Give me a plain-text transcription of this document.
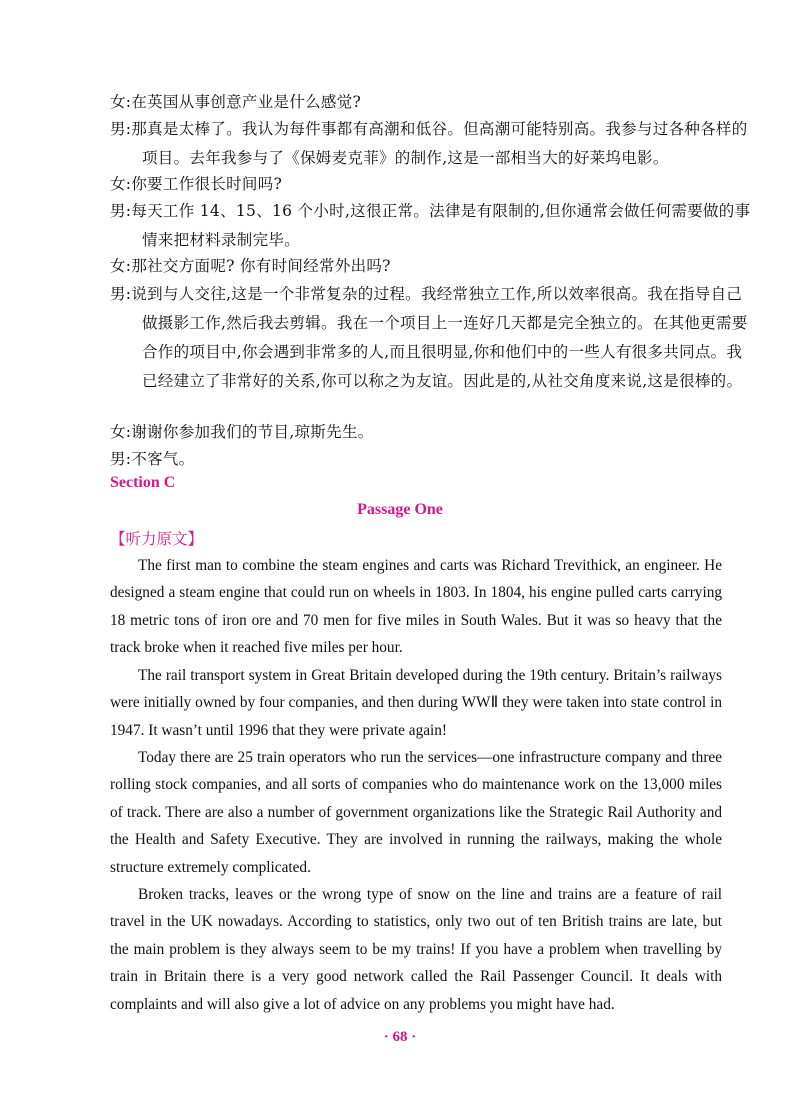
女:在英国从事创意产业是什么感觉?
男:那真是太棒了。我认为每件事都有高潮和低谷。但高潮可能特别高。我参与过各种各样的项目。去年我参与了《保姆麦克菲》的制作,这是一部相当大的好莱坞电影。
女:你要工作很长时间吗?
男:每天工作 14、15、16 个小时,这很正常。法律是有限制的,但你通常会做任何需要做的事情来把材料录制完毕。
女:那社交方面呢? 你有时间经常外出吗?
男:说到与人交往,这是一个非常复杂的过程。我经常独立工作,所以效率很高。我在指导自己做摄影工作,然后我去剪辑。我在一个项目上一连好几天都是完全独立的。在其他更需要合作的项目中,你会遇到非常多的人,而且很明显,你和他们中的一些人有很多共同点。我已经建立了非常好的关系,你可以称之为友谊。因此是的,从社交角度来说,这是很棒的。
女:谢谢你参加我们的节目,琼斯先生。
男:不客气。
Section C
Passage One
【听力原文】
The first man to combine the steam engines and carts was Richard Trevithick, an engineer. He designed a steam engine that could run on wheels in 1803. In 1804, his engine pulled carts carrying 18 metric tons of iron ore and 70 men for five miles in South Wales. But it was so heavy that the track broke when it reached five miles per hour.
The rail transport system in Great Britain developed during the 19th century. Britain’s railways were initially owned by four companies, and then during WWⅡ they were taken into state control in 1947. It wasn’t until 1996 that they were private again!
Today there are 25 train operators who run the services—one infrastructure company and three rolling stock companies, and all sorts of companies who do maintenance work on the 13,000 miles of track. There are also a number of government organizations like the Strategic Rail Authority and the Health and Safety Executive. They are involved in running the railways, making the whole structure extremely complicated.
Broken tracks, leaves or the wrong type of snow on the line and trains are a feature of rail travel in the UK nowadays. According to statistics, only two out of ten British trains are late, but the main problem is they always seem to be my trains! If you have a problem when travelling by train in Britain there is a very good network called the Rail Passenger Council. It deals with complaints and will also give a lot of advice on any problems you might have had.
· 68 ·
